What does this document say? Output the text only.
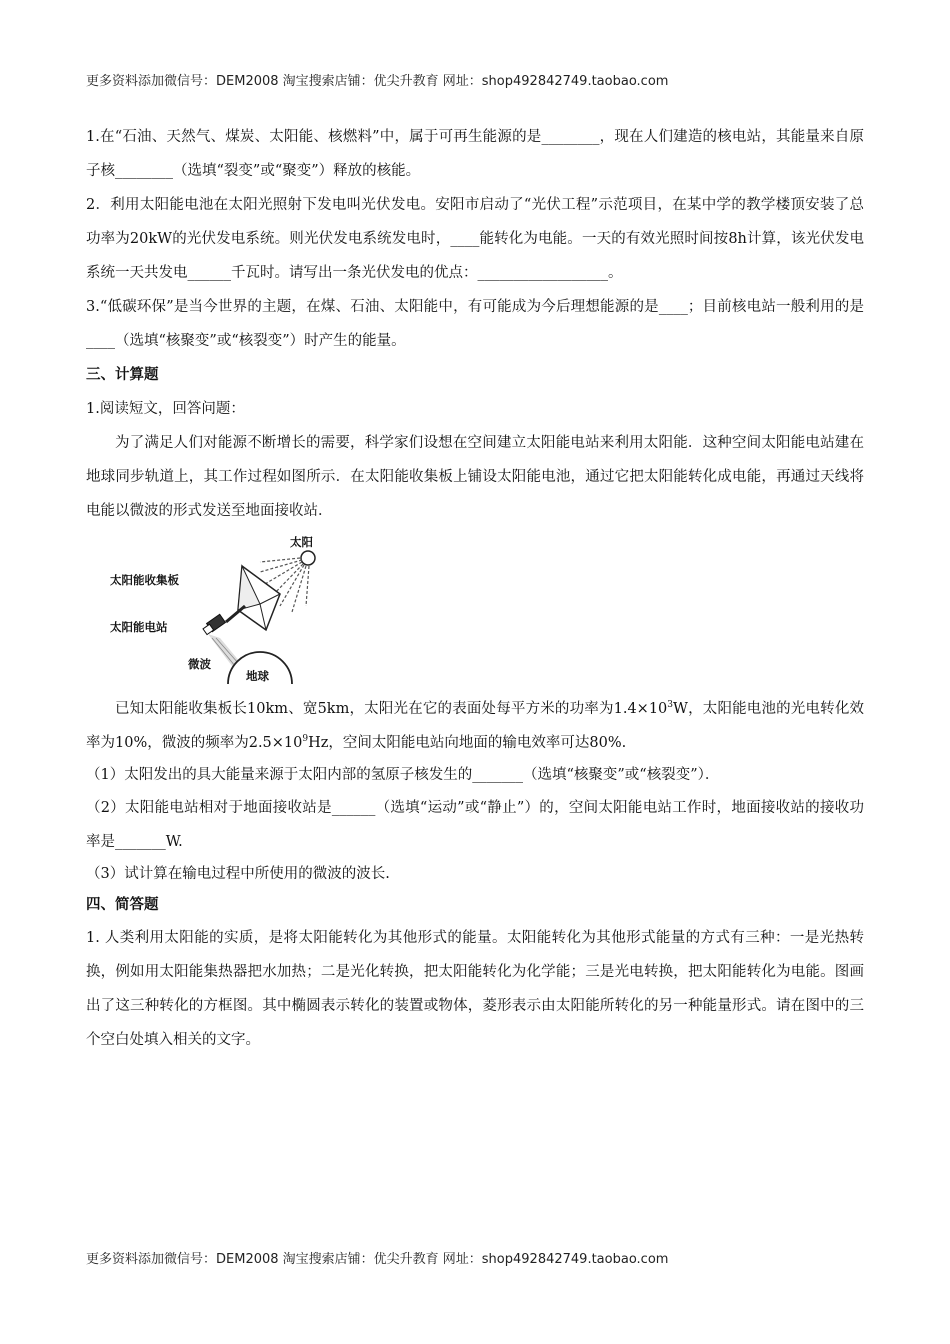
更多资料添加微信号：DEM2008 淘宝搜索店铺：优尖升教育 网址：shop492842749.taobao.com

1.在“石油、天然气、煤炭、太阳能、核燃料”中，属于可再生能源的是________，现在人们建造的核电站，其能量来自原子核________（选填“裂变”或“聚变”）释放的核能。

2．利用太阳能电池在太阳光照射下发电叫光伏发电。安阳市启动了“光伏工程”示范项目，在某中学的教学楼顶安装了总功率为20kW的光伏发电系统。则光伏发电系统发电时，____能转化为电能。一天的有效光照时间按8h计算，该光伏发电系统一天共发电______千瓦时。请写出一条光伏发电的优点：__________________。

3.“低碳环保”是当今世界的主题，在煤、石油、太阳能中，有可能成为今后理想能源的是____；目前核电站一般利用的是____（选填“核聚变”或“核裂变”）时产生的能量。

三、计算题

1.阅读短文，回答问题：

为了满足人们对能源不断增长的需要，科学家们设想在空间建立太阳能电站来利用太阳能．这种空间太阳能电站建在地球同步轨道上，其工作过程如图所示．在太阳能收集板上铺设太阳能电池，通过它把太阳能转化成电能，再通过天线将电能以微波的形式发送至地面接收站．

太阳
太阳能收集板
太阳能电站
微波
地球

已知太阳能收集板长10km、宽5km，太阳光在它的表面处每平方米的功率为$1.4\times 10^3W$，太阳能电池的光电转化效率为10%，微波的频率为$2.5\times 10^9Hz$，空间太阳能电站向地面的输电效率可达80%.

（1）太阳发出的具大能量来源于太阳内部的氢原子核发生的_______（选填“核聚变”或“核裂变”）．

（2）太阳能电站相对于地面接收站是______（选填“运动”或“静止”）的，空间太阳能电站工作时，地面接收站的接收功率是_______W.

（3）试计算在输电过程中所使用的微波的波长.

四、简答题

1. 人类利用太阳能的实质，是将太阳能转化为其他形式的能量。太阳能转化为其他形式能量的方式有三种：一是光热转换，例如用太阳能集热器把水加热；二是光化转换，把太阳能转化为化学能；三是光电转换，把太阳能转化为电能。图画出了这三种转化的方框图。其中椭圆表示转化的装置或物体，菱形表示由太阳能所转化的另一种能量形式。请在图中的三个空白处填入相关的文字。

更多资料添加微信号：DEM2008 淘宝搜索店铺：优尖升教育 网址：shop492842749.taobao.com
